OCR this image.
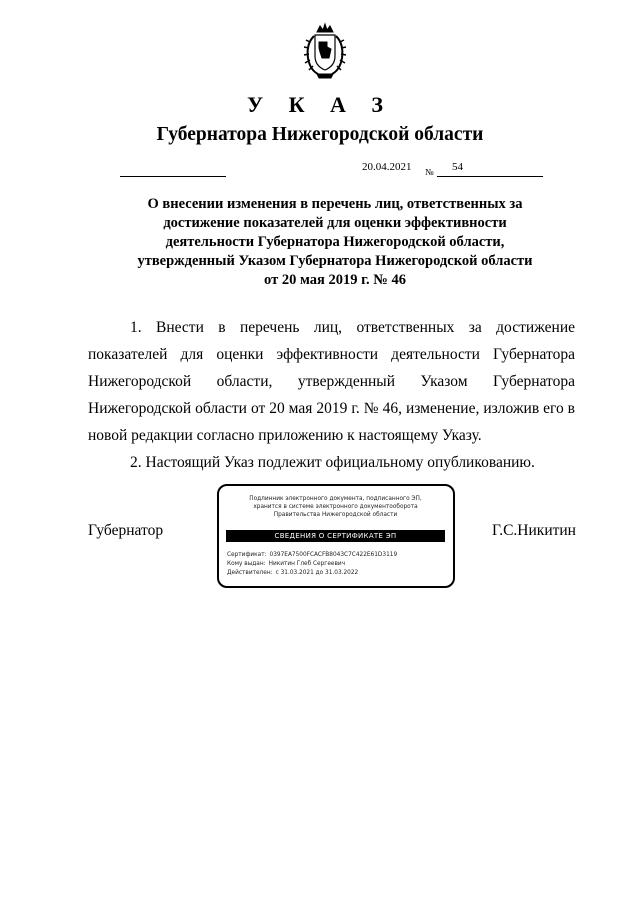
У К А З
Губернатора Нижегородской области
20.04.2021 № 54
О внесении изменения в перечень лиц, ответственных за
достижение показателей для оценки эффективности
деятельности Губернатора Нижегородской области,
утвержденный Указом Губернатора Нижегородской области
от 20 мая 2019 г. № 46

1. Внести в перечень лиц, ответственных за достижение показателей для оценки эффективности деятельности Губернатора Нижегородской области, утвержденный Указом Губернатора Нижегородской области от 20 мая 2019 г. № 46, изменение, изложив его в новой редакции согласно приложению к настоящему Указу.

2. Настоящий Указ подлежит официальному опубликованию.

Губернатор	Г.С.Никитин
Подлинник электронного документа, подписанного ЭП,
хранится в системе электронного документооборота
Правительства Нижегородской области
СВЕДЕНИЯ О СЕРТИФИКАТЕ ЭП
Сертификат: 0397EA7500FCACFB8043C7C422E61D3119
Кому выдан: Никитин Глеб Сергеевич
Действителен: с 31.03.2021 до 31.03.2022
